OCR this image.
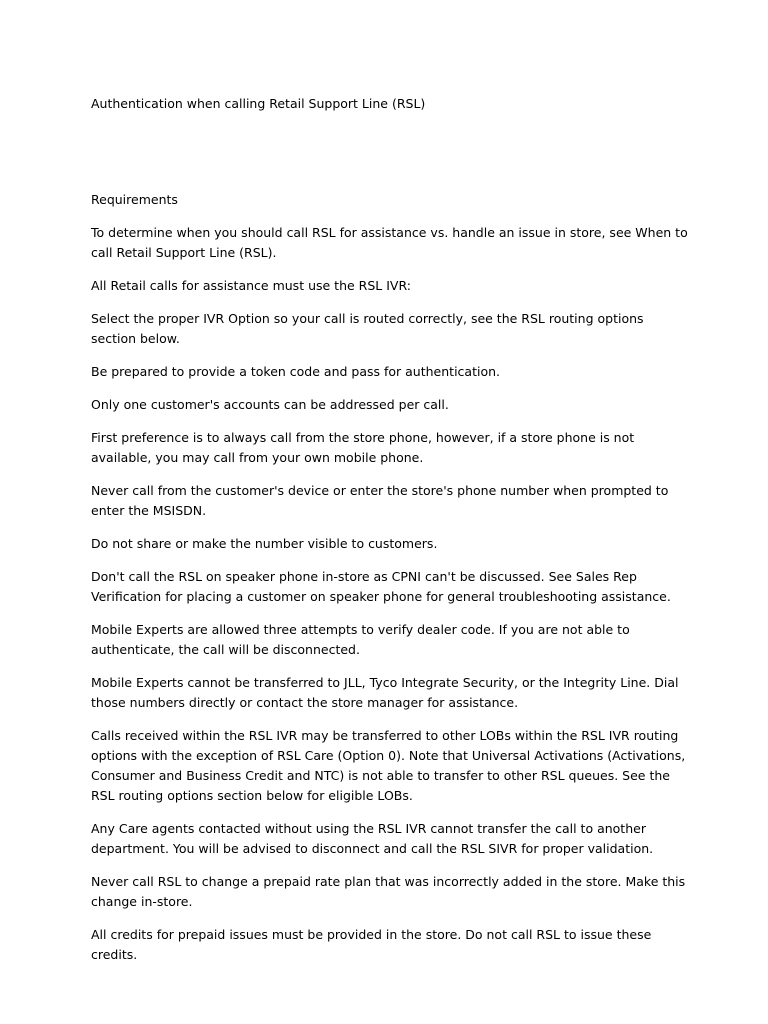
Authentication when calling Retail Support Line (RSL)
Requirements

To determine when you should call RSL for assistance vs. handle an issue in store, see When to call Retail Support Line (RSL).

All Retail calls for assistance must use the RSL IVR:

Select the proper IVR Option so your call is routed correctly, see the RSL routing options section below.

Be prepared to provide a token code and pass for authentication.

Only one customer's accounts can be addressed per call.

First preference is to always call from the store phone, however, if a store phone is not available, you may call from your own mobile phone.

Never call from the customer's device or enter the store's phone number when prompted to enter the MSISDN.

Do not share or make the number visible to customers.

Don't call the RSL on speaker phone in-store as CPNI can't be discussed. See Sales Rep Verification for placing a customer on speaker phone for general troubleshooting assistance.

Mobile Experts are allowed three attempts to verify dealer code. If you are not able to authenticate, the call will be disconnected.

Mobile Experts cannot be transferred to JLL, Tyco Integrate Security, or the Integrity Line. Dial those numbers directly or contact the store manager for assistance.

Calls received within the RSL IVR may be transferred to other LOBs within the RSL IVR routing options with the exception of RSL Care (Option 0). Note that Universal Activations (Activations, Consumer and Business Credit and NTC) is not able to transfer to other RSL queues. See the RSL routing options section below for eligible LOBs.

Any Care agents contacted without using the RSL IVR cannot transfer the call to another department. You will be advised to disconnect and call the RSL SIVR for proper validation.

Never call RSL to change a prepaid rate plan that was incorrectly added in the store. Make this change in-store.

All credits for prepaid issues must be provided in the store. Do not call RSL to issue these credits.
